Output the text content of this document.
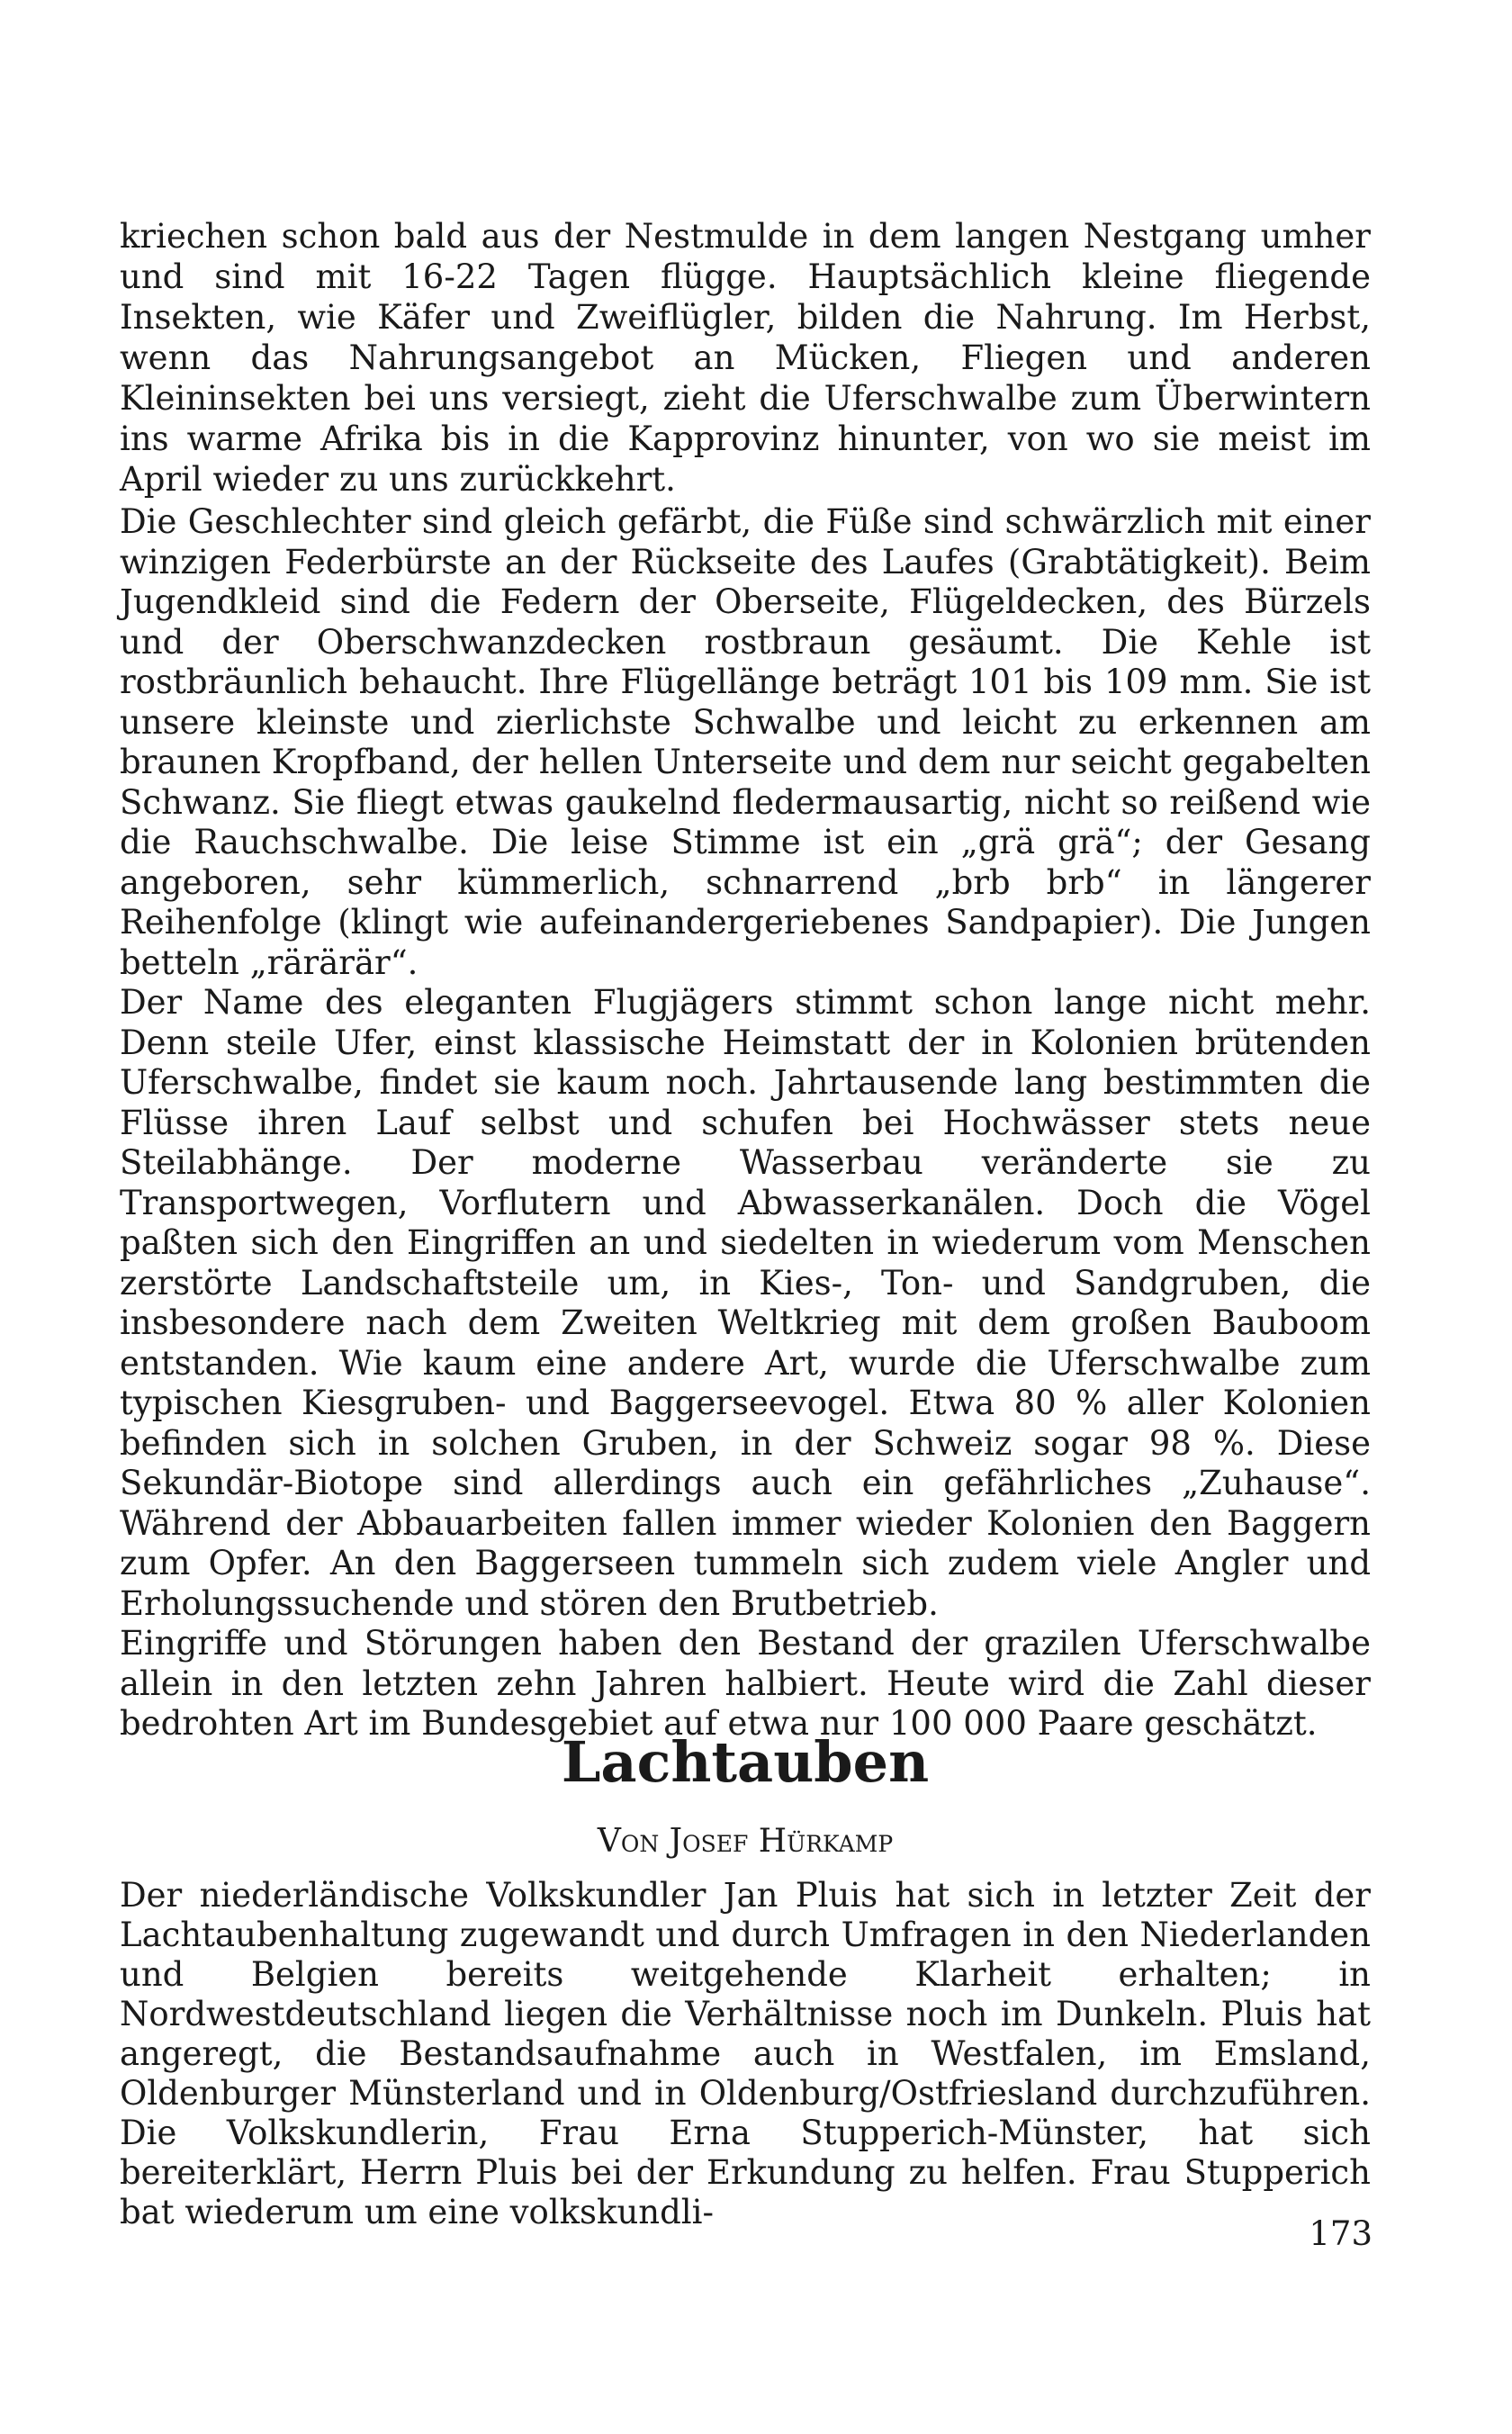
kriechen schon bald aus der Nestmulde in dem langen Nestgang umher und sind mit 16-22 Tagen flügge. Hauptsächlich kleine fliegende Insekten, wie Käfer und Zweiflügler, bilden die Nahrung. Im Herbst, wenn das Nahrungsangebot an Mücken, Fliegen und anderen Kleininsekten bei uns versiegt, zieht die Uferschwalbe zum Überwintern ins warme Afrika bis in die Kapprovinz hinunter, von wo sie meist im April wieder zu uns zurückkehrt.

Die Geschlechter sind gleich gefärbt, die Füße sind schwärzlich mit einer winzigen Federbürste an der Rückseite des Laufes (Grabtätigkeit). Beim Jugendkleid sind die Federn der Oberseite, Flügeldecken, des Bürzels und der Oberschwanzdecken rostbraun gesäumt. Die Kehle ist rostbräunlich behaucht. Ihre Flügellänge beträgt 101 bis 109 mm. Sie ist unsere kleinste und zierlichste Schwalbe und leicht zu erkennen am braunen Kropfband, der hellen Unterseite und dem nur seicht gegabelten Schwanz. Sie fliegt etwas gaukelnd fledermausartig, nicht so reißend wie die Rauchschwalbe. Die leise Stimme ist ein „grä grä“; der Gesang angeboren, sehr kümmerlich, schnarrend „brb brb“ in längerer Reihenfolge (klingt wie aufeinandergeriebenes Sandpapier). Die Jungen betteln „rärärär“.

Der Name des eleganten Flugjägers stimmt schon lange nicht mehr. Denn steile Ufer, einst klassische Heimstatt der in Kolonien brütenden Uferschwalbe, findet sie kaum noch. Jahrtausende lang bestimmten die Flüsse ihren Lauf selbst und schufen bei Hochwässer stets neue Steilabhänge. Der moderne Wasserbau veränderte sie zu Transportwegen, Vorflutern und Abwasserkanälen. Doch die Vögel paßten sich den Eingriffen an und siedelten in wiederum vom Menschen zerstörte Landschaftsteile um, in Kies-, Ton- und Sandgruben, die insbesondere nach dem Zweiten Weltkrieg mit dem großen Bauboom entstanden. Wie kaum eine andere Art, wurde die Uferschwalbe zum typischen Kiesgruben- und Baggerseevogel. Etwa 80 % aller Kolonien befinden sich in solchen Gruben, in der Schweiz sogar 98 %. Diese Sekundär-Biotope sind allerdings auch ein gefährliches „Zuhause“. Während der Abbauarbeiten fallen immer wieder Kolonien den Baggern zum Opfer. An den Baggerseen tummeln sich zudem viele Angler und Erholungssuchende und stören den Brutbetrieb.

Eingriffe und Störungen haben den Bestand der grazilen Uferschwalbe allein in den letzten zehn Jahren halbiert. Heute wird die Zahl dieser bedrohten Art im Bundesgebiet auf etwa nur 100 000 Paare geschätzt.

Lachtauben
Von Josef Hürkamp

Der niederländische Volkskundler Jan Pluis hat sich in letzter Zeit der Lachtaubenhaltung zugewandt und durch Umfragen in den Niederlanden und Belgien bereits weitgehende Klarheit erhalten; in Nordwestdeutschland liegen die Verhältnisse noch im Dunkeln. Pluis hat angeregt, die Bestandsaufnahme auch in Westfalen, im Emsland, Oldenburger Münsterland und in Oldenburg/Ostfriesland durchzuführen. Die Volkskundlerin, Frau Erna Stupperich-Münster, hat sich bereiterklärt, Herrn Pluis bei der Erkundung zu helfen. Frau Stupperich bat wiederum um eine volkskundli-

173
